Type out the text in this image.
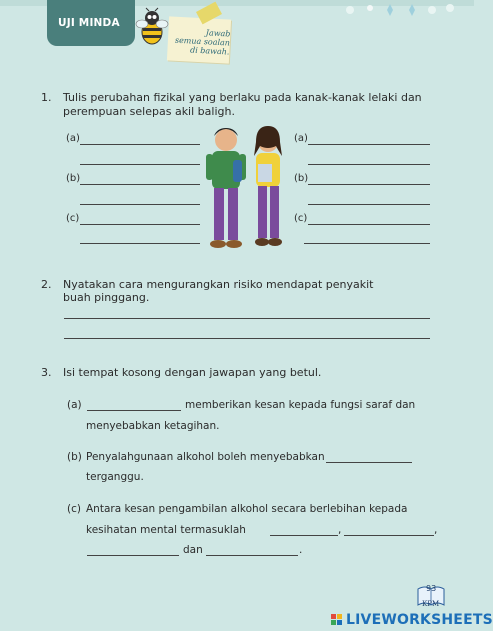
UJI MINDA
Jawab
semua soalan
di bawah.
1. Tulis perubahan fizikal yang berlaku pada kanak-kanak lelaki dan
perempuan selepas akil baligh.
(a)
(b)
(c)
(a)
(b)
(c)
2. Nyatakan cara mengurangkan risiko mendapat penyakit
buah pinggang.
3. Isi tempat kosong dengan jawapan yang betul.
(a)	memberikan kesan kepada fungsi saraf dan
menyebabkan ketagihan.
(b) Penyalahgunaan alkohol boleh menyebabkan
terganggu.
(c) Antara kesan pengambilan alkohol secara berlebihan kepada
kesihatan mental termasuklah	,	,
dan	.
93
KPM
LIVEWORKSHEETS
